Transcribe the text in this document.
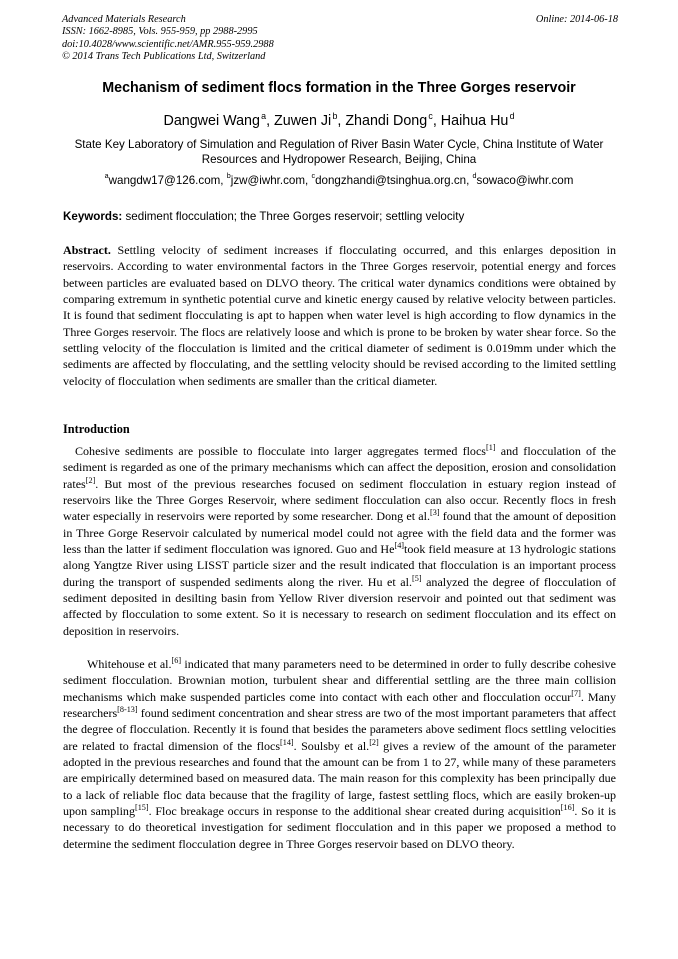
Advanced Materials Research
ISSN: 1662-8985, Vols. 955-959, pp 2988-2995
doi:10.4028/www.scientific.net/AMR.955-959.2988
© 2014 Trans Tech Publications Ltd, Switzerland
Online: 2014-06-18
Mechanism of sediment flocs formation in the Three Gorges reservoir
Dangwei Wang $^a$, Zuwen Ji $^b$, Zhandi Dong $^c$, Haihua Hu $^d$
State Key Laboratory of Simulation and Regulation of River Basin Water Cycle, China Institute of Water Resources and Hydropower Research, Beijing, China
$^a$wangdw17@126.com, $^b$jzw@iwhr.com, $^c$dongzhandi@tsinghua.org.cn, $^d$sowaco@iwhr.com
Keywords: sediment flocculation; the Three Gorges reservoir; settling velocity
Abstract. Settling velocity of sediment increases if flocculating occurred, and this enlarges deposition in reservoirs. According to water environmental factors in the Three Gorges reservoir, potential energy and forces between particles are evaluated based on DLVO theory. The critical water dynamics conditions were obtained by comparing extremum in synthetic potential curve and kinetic energy caused by relative velocity between particles. It is found that sediment flocculating is apt to happen when water level is high according to flow dynamics in the Three Gorges reservoir. The flocs are relatively loose and which is prone to be broken by water shear force. So the settling velocity of the flocculation is limited and the critical diameter of sediment is 0.019mm under which the sediments are affected by flocculating, and the settling velocity should be revised according to the limited settling velocity of flocculation when sediments are smaller than the critical diameter.
Introduction

Cohesive sediments are possible to flocculate into larger aggregates termed flocs[1] and flocculation of the sediment is regarded as one of the primary mechanisms which can affect the deposition, erosion and consolidation rates[2]. But most of the previous researches focused on sediment flocculation in estuary region instead of reservoirs like the Three Gorges Reservoir, where sediment flocculation can also occur. Recently flocs in fresh water especially in reservoirs were reported by some researcher. Dong et al.[3] found that the amount of deposition in Three Gorge Reservoir calculated by numerical model could not agree with the field data and the former was less than the latter if sediment flocculation was ignored. Guo and He[4]took field measure at 13 hydrologic stations along Yangtze River using LISST particle sizer and the result indicated that flocculation is an important process during the transport of suspended sediments along the river. Hu et al.[5] analyzed the degree of flocculation of sediment deposited in desilting basin from Yellow River diversion reservoir and pointed out that sediment was affected by flocculation to some extent. So it is necessary to research on sediment flocculation and its effect on deposition in reservoirs.

Whitehouse et al.[6] indicated that many parameters need to be determined in order to fully describe cohesive sediment flocculation. Brownian motion, turbulent shear and differential settling are the three main collision mechanisms which make suspended particles come into contact with each other and flocculation occur[7]. Many researchers[8-13] found sediment concentration and shear stress are two of the most important parameters that affect the degree of flocculation. Recently it is found that besides the parameters above sediment flocs settling velocities are related to fractal dimension of the flocs[14]. Soulsby et al.[2] gives a review of the amount of the parameter adopted in the previous researches and found that the amount can be from 1 to 27, while many of these parameters are empirically determined based on measured data. The main reason for this complexity has been principally due to a lack of reliable floc data because that the fragility of large, fastest settling flocs, which are easily broken-up upon sampling[15]. Floc breakage occurs in response to the additional shear created during acquisition[16]. So it is necessary to do theoretical investigation for sediment flocculation and in this paper we proposed a method to determine the sediment flocculation degree in Three Gorges reservoir based on DLVO theory.
